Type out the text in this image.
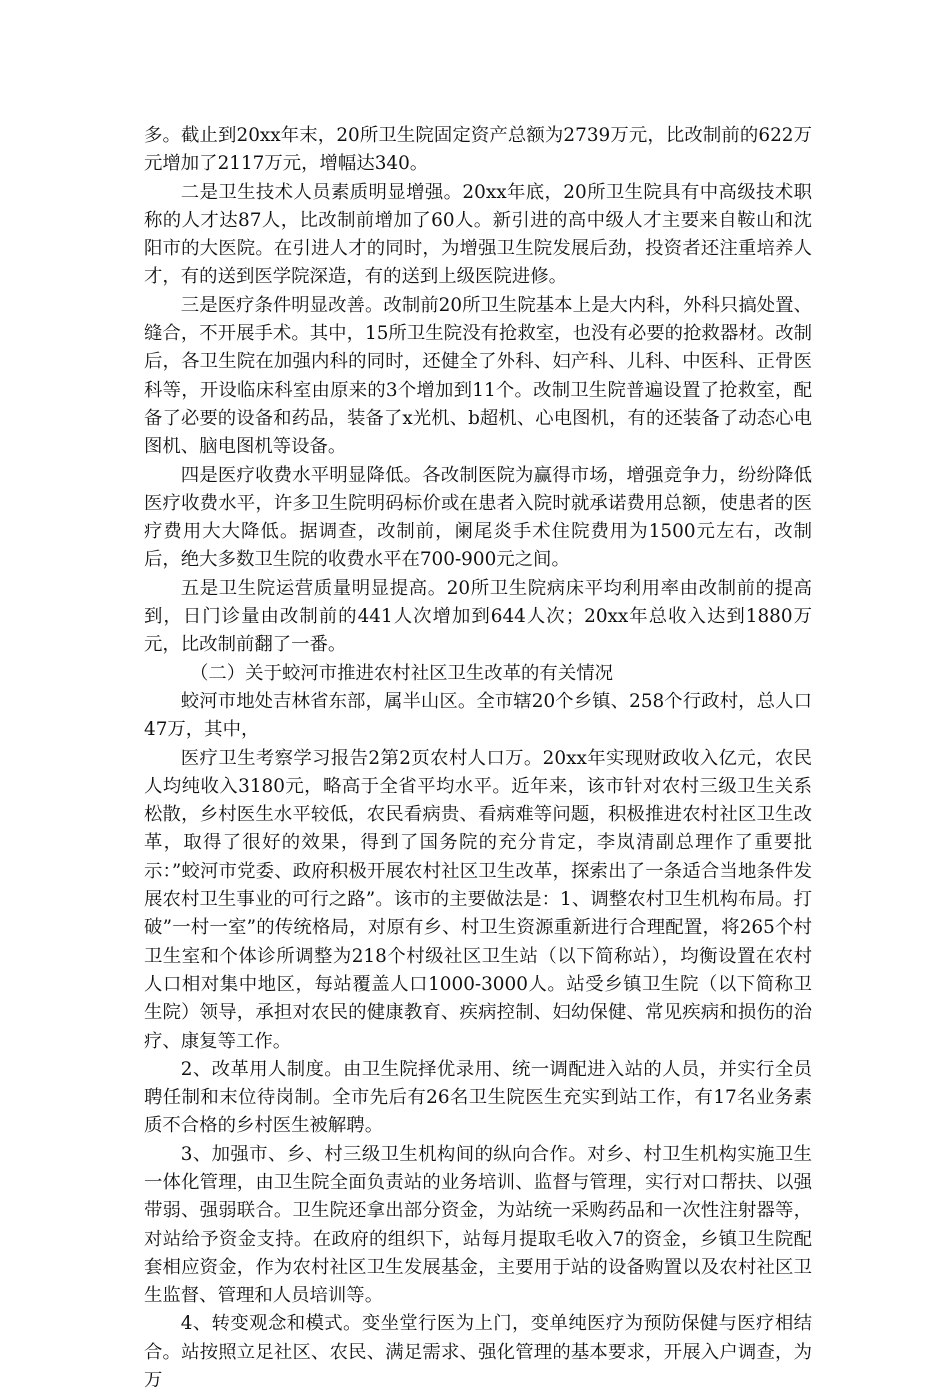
多。截止到20xx年末，20所卫生院固定资产总额为2739万元，比改制前的622万元增加了2117万元，增幅达340。

二是卫生技术人员素质明显增强。20xx年底，20所卫生院具有中高级技术职称的人才达87人，比改制前增加了60人。新引进的高中级人才主要来自鞍山和沈阳市的大医院。在引进人才的同时，为增强卫生院发展后劲，投资者还注重培养人才，有的送到医学院深造，有的送到上级医院进修。

三是医疗条件明显改善。改制前20所卫生院基本上是大内科，外科只搞处置、缝合，不开展手术。其中，15所卫生院没有抢救室，也没有必要的抢救器材。改制后，各卫生院在加强内科的同时，还健全了外科、妇产科、儿科、中医科、正骨医科等，开设临床科室由原来的3个增加到11个。改制卫生院普遍设置了抢救室，配备了必要的设备和药品，装备了x光机、b超机、心电图机，有的还装备了动态心电图机、脑电图机等设备。

四是医疗收费水平明显降低。各改制医院为赢得市场，增强竞争力，纷纷降低医疗收费水平，许多卫生院明码标价或在患者入院时就承诺费用总额，使患者的医疗费用大大降低。据调查，改制前，阑尾炎手术住院费用为1500元左右，改制后，绝大多数卫生院的收费水平在700-900元之间。

五是卫生院运营质量明显提高。20所卫生院病床平均利用率由改制前的提高到，日门诊量由改制前的441人次增加到644人次；20xx年总收入达到1880万元，比改制前翻了一番。

（二）关于蛟河市推进农村社区卫生改革的有关情况

蛟河市地处吉林省东部，属半山区。全市辖20个乡镇、258个行政村，总人口47万，其中，

医疗卫生考察学习报告2第2页农村人口万。20xx年实现财政收入亿元，农民人均纯收入3180元，略高于全省平均水平。近年来，该市针对农村三级卫生关系松散，乡村医生水平较低，农民看病贵、看病难等问题，积极推进农村社区卫生改革，取得了很好的效果，得到了国务院的充分肯定，李岚清副总理作了重要批示：”蛟河市党委、政府积极开展农村社区卫生改革，探索出了一条适合当地条件发展农村卫生事业的可行之路”。该市的主要做法是：1、调整农村卫生机构布局。打破”一村一室”的传统格局，对原有乡、村卫生资源重新进行合理配置，将265个村卫生室和个体诊所调整为218个村级社区卫生站（以下简称站），均衡设置在农村人口相对集中地区，每站覆盖人口1000-3000人。站受乡镇卫生院（以下简称卫生院）领导，承担对农民的健康教育、疾病控制、妇幼保健、常见疾病和损伤的治疗、康复等工作。

2、改革用人制度。由卫生院择优录用、统一调配进入站的人员，并实行全员聘任制和末位待岗制。全市先后有26名卫生院医生充实到站工作，有17名业务素质不合格的乡村医生被解聘。

3、加强市、乡、村三级卫生机构间的纵向合作。对乡、村卫生机构实施卫生一体化管理，由卫生院全面负责站的业务培训、监督与管理，实行对口帮扶、以强带弱、强弱联合。卫生院还拿出部分资金，为站统一采购药品和一次性注射器等，对站给予资金支持。在政府的组织下，站每月提取毛收入7的资金，乡镇卫生院配套相应资金，作为农村社区卫生发展基金，主要用于站的设备购置以及农村社区卫生监督、管理和人员培训等。

4、转变观念和模式。变坐堂行医为上门，变单纯医疗为预防保健与医疗相结合。站按照立足社区、农民、满足需求、强化管理的基本要求，开展入户调查，为万
